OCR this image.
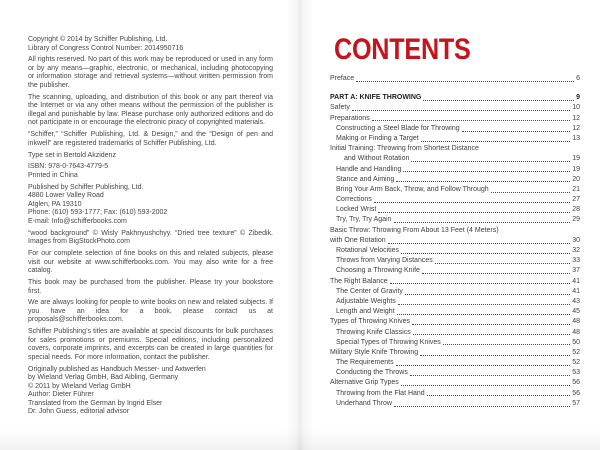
Copyright © 2014 by Schiffer Publishing, Ltd.
Library of Congress Control Number: 2014950716
All rights reserved. No part of this work may be reproduced or used in any form or by any means—graphic, electronic, or mechanical, including photocopying or information storage and retrieval systems—without written permission from the publisher.
The scanning, uploading, and distribution of this book or any part thereof via the Internet or via any other means without the permission of the publisher is illegal and punishable by law. Please purchase only authorized editions and do not participate in or encourage the electronic piracy of copyrighted materials.
“Schiffer,” “Schiffer Publishing, Ltd. & Design,” and the “Design of pen and inkwell” are registered trademarks of Schiffer Publishing, Ltd.
Type set in Bertold Akzidenz
ISBN: 978-0-7643-4779-5
Printed in China
Published by Schiffer Publishing, Ltd.
4880 Lower Valley Road
Atglen, PA 19310
Phone: (610) 593-1777; Fax: (610) 593-2002
E-mail: Info@schifferbooks.com
“wood background” © Wisly Pakhnyushchyy. “Dried tree texture” © Zibedik. Images from BigStockPhoto.com
For our complete selection of fine books on this and related subjects, please visit our website at www.schifferbooks.com. You may also write for a free catalog.
This book may be purchased from the publisher. Please try your bookstore first.
We are always looking for people to write books on new and related subjects. If you have an idea for a book, please contact us at proposals@schifferbooks.com.
Schiffer Publishing’s titles are available at special discounts for bulk purchases for sales promotions or premiums. Special editions, including personalized covers, corporate imprints, and excerpts can be created in large quantities for special needs. For more information, contact the publisher.
Originally published as Handbuch Messer- und Axtwerfen
by Wieland Verlag GmbH, Bad Aibling, Germany
© 2011 by Wieland Verlag GmbH
Author: Dieter Führer
Translated from the German by Ingrid Elser
Dr. John Guess, editorial advisor
CONTENTS
Preface	6
PART A: KNIFE THROWING	9
Safety	10
Preparations	12
Constructing a Steel Blade for Throwing	12
Making or Finding a Target	13
Initial Training: Throwing from Shortest Distance
and Without Rotation	19
Handle and Handling	19
Stance and Aiming	20
Bring Your Arm Back, Throw, and Follow Through	21
Corrections	27
Locked Wrist	28
Try, Try, Try Again	29
Basic Throw: Throwing From About 13 Feet (4 Meters)
with One Rotation	30
Rotational Velocities	32
Throws from Varying Distances	33
Choosing a Throwing Knife	37
The Right Balance	41
The Center of Gravity	41
Adjustable Weights	43
Length and Weight	45
Types of Throwing Knives	48
Throwing Knife Classics	48
Special Types of Throwing Knives	50
Military Style Knife Throwing	52
The Requirements	52
Conducting the Throws	53
Alternative Grip Types	56
Throwing from the Flat Hand	56
Underhand Throw	57
